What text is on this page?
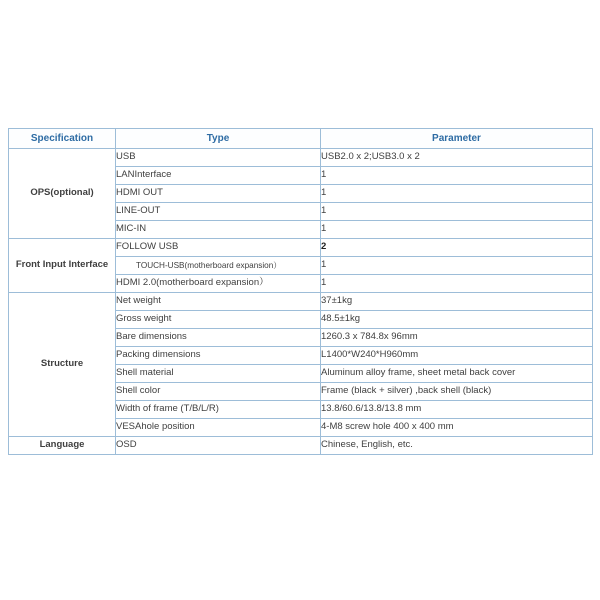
Specification	Type	Parameter
OPS(optional)	USB	USB2.0 x 2;USB3.0 x 2
	LANInterface	1
	HDMI OUT	1
	LINE-OUT	1
	MIC-IN	1
Front Input Interface	FOLLOW USB	2
	TOUCH-USB(motherboard expansion）	1
	HDMI 2.0(motherboard expansion）	1
Structure	Net weight	37±1kg
	Gross weight	48.5±1kg
	Bare dimensions	1260.3 x 784.8x 96mm
	Packing dimensions	L1400*W240*H960mm
	Shell material	Aluminum alloy frame, sheet metal back cover
	Shell color	Frame (black + silver) ,back shell (black)
	Width of frame (T/B/L/R)	13.8/60.6/13.8/13.8 mm
	VESAhole position	4-M8 screw hole 400 x 400 mm
Language	OSD	Chinese, English, etc.
